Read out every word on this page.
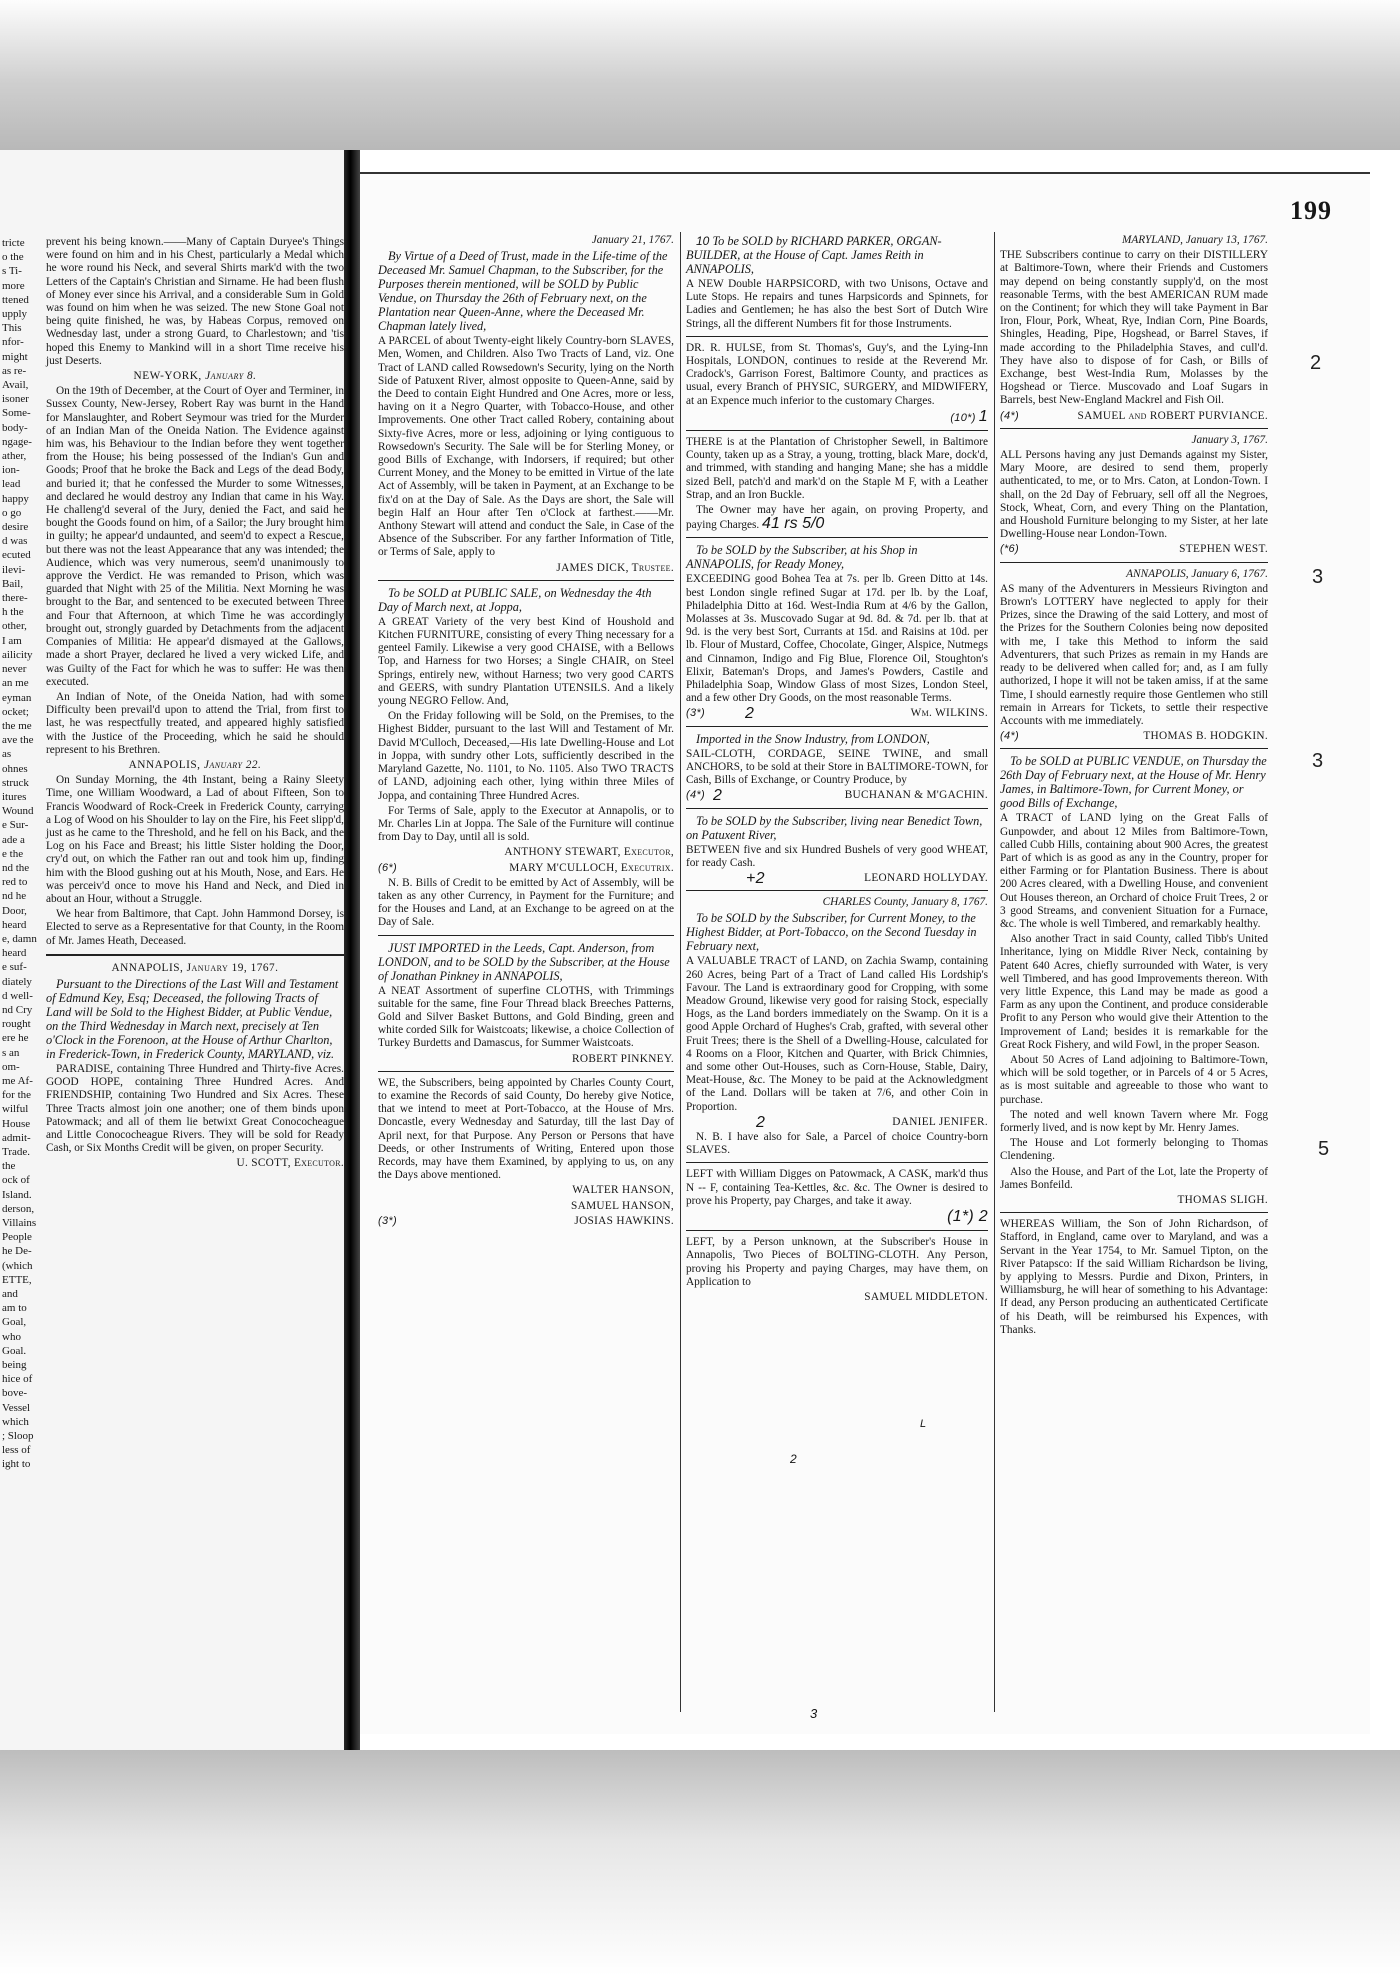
199
2
3
3
5
tricte
o the
s Ti-
more
ttened
upply
This
nfor-
might
as re-
Avail,
isoner
Some-
body-
ngage-
ather,
ion-
lead
happy
o go
desire
d was
ecuted
ilevi-
Bail,
there-
h the
other,
I am
ailicity
never
an me
eyman
ocket;
the me
ave the
as
ohnes
struck
itures
Wound
e Sur-
ade a
e the
nd the
red to
nd he
Door,
heard
e, damn
heard
e suf-
diately
d well-
nd Cry
rought
ere he
s an
om-
me Af-
for the
wilful
House
admit-
Trade.
the
ock of
Island.
derson,
Villains
People
he De-
(which
ETTE,
and
am to
Goal,
who
Goal.
being
hice of
bove-
Vessel
which
; Sloop
less of
ight to

prevent his being known.——Many of Captain Duryee's Things were found on him and in his Chest, particularly a Medal which he wore round his Neck, and several Shirts mark'd with the two Letters of the Captain's Christian and Sirname. He had been flush of Money ever since his Arrival, and a considerable Sum in Gold was found on him when he was seized. The new Stone Goal not being quite finished, he was, by Habeas Corpus, removed on Wednesday last, under a strong Guard, to Charlestown; and 'tis hoped this Enemy to Mankind will in a short Time receive his just Deserts.

NEW-YORK, January 8.

On the 19th of December, at the Court of Oyer and Terminer, in Sussex County, New-Jersey, Robert Ray was burnt in the Hand for Manslaughter, and Robert Seymour was tried for the Murder of an Indian Man of the Oneida Nation. The Evidence against him was, his Behaviour to the Indian before they went together from the House; his being possessed of the Indian's Gun and Goods; Proof that he broke the Back and Legs of the dead Body, and buried it; that he confessed the Murder to some Witnesses, and declared he would destroy any Indian that came in his Way. He challeng'd several of the Jury, denied the Fact, and said he bought the Goods found on him, of a Sailor; the Jury brought him in guilty; he appear'd undaunted, and seem'd to expect a Rescue, but there was not the least Appearance that any was intended; the Audience, which was very numerous, seem'd unanimously to approve the Verdict. He was remanded to Prison, which was guarded that Night with 25 of the Militia. Next Morning he was brought to the Bar, and sentenced to be executed between Three and Four that Afternoon, at which Time he was accordingly brought out, strongly guarded by Detachments from the adjacent Companies of Militia: He appear'd dismayed at the Gallows, made a short Prayer, declared he lived a very wicked Life, and was Guilty of the Fact for which he was to suffer: He was then executed.

An Indian of Note, of the Oneida Nation, had with some Difficulty been prevail'd upon to attend the Trial, from first to last, he was respectfully treated, and appeared highly satisfied with the Justice of the Proceeding, which he said he should represent to his Brethren.

ANNAPOLIS, January 22.

On Sunday Morning, the 4th Instant, being a Rainy Sleety Time, one William Woodward, a Lad of about Fifteen, Son to Francis Woodward of Rock-Creek in Frederick County, carrying a Log of Wood on his Shoulder to lay on the Fire, his Feet slipp'd, just as he came to the Threshold, and he fell on his Back, and the Log on his Face and Breast; his little Sister holding the Door, cry'd out, on which the Father ran out and took him up, finding him with the Blood gushing out at his Mouth, Nose, and Ears. He was perceiv'd once to move his Hand and Neck, and Died in about an Hour, without a Struggle.

We hear from Baltimore, that Capt. John Hammond Dorsey, is Elected to serve as a Representative for that County, in the Room of Mr. James Heath, Deceased.

ANNAPOLIS, January 19, 1767.

Pursuant to the Directions of the Last Will and Testament of Edmund Key, Esq; Deceased, the following Tracts of Land will be Sold to the Highest Bidder, at Public Vendue, on the Third Wednesday in March next, precisely at Ten o'Clock in the Forenoon, at the House of Arthur Charlton, in Frederick-Town, in Frederick County, MARYLAND, viz.

PARADISE, containing Three Hundred and Thirty-five Acres. GOOD HOPE, containing Three Hundred Acres. And FRIENDSHIP, containing Two Hundred and Six Acres. These Three Tracts almost join one another; one of them binds upon Patowmack; and all of them lie betwixt Great Conococheague and Little Conococheague Rivers. They will be sold for Ready Cash, or Six Months Credit will be given, on proper Security.

U. SCOTT, Executor.

January 21, 1767.

By Virtue of a Deed of Trust, made in the Life-time of the Deceased Mr. Samuel Chapman, to the Subscriber, for the Purposes therein mentioned, will be SOLD by Public Vendue, on Thursday the 26th of February next, on the Plantation near Queen-Anne, where the Deceased Mr. Chapman lately lived,

A PARCEL of about Twenty-eight likely Country-born SLAVES, Men, Women, and Children. Also Two Tracts of Land, viz. One Tract of LAND called Rowsedown's Security, lying on the North Side of Patuxent River, almost opposite to Queen-Anne, said by the Deed to contain Eight Hundred and One Acres, more or less, having on it a Negro Quarter, with Tobacco-House, and other Improvements. One other Tract called Robery, containing about Sixty-five Acres, more or less, adjoining or lying contiguous to Rowsedown's Security. The Sale will be for Sterling Money, or good Bills of Exchange, with Indorsers, if required; but other Current Money, and the Money to be emitted in Virtue of the late Act of Assembly, will be taken in Payment, at an Exchange to be fix'd on at the Day of Sale. As the Days are short, the Sale will begin Half an Hour after Ten o'Clock at farthest.——Mr. Anthony Stewart will attend and conduct the Sale, in Case of the Absence of the Subscriber. For any farther Information of Title, or Terms of Sale, apply to

JAMES DICK, Trustee.

To be SOLD at PUBLIC SALE, on Wednesday the 4th Day of March next, at Joppa,

A GREAT Variety of the very best Kind of Houshold and Kitchen FURNITURE, consisting of every Thing necessary for a genteel Family. Likewise a very good CHAISE, with a Bellows Top, and Harness for two Horses; a Single CHAIR, on Steel Springs, entirely new, without Harness; two very good CARTS and GEERS, with sundry Plantation UTENSILS. And a likely young NEGRO Fellow. And,

On the Friday following will be Sold, on the Premises, to the Highest Bidder, pursuant to the last Will and Testament of Mr. David M'Culloch, Deceased,—His late Dwelling-House and Lot in Joppa, with sundry other Lots, sufficiently described in the Maryland Gazette, No. 1101, to No. 1105. Also TWO TRACTS of LAND, adjoining each other, lying within three Miles of Joppa, and containing Three Hundred Acres.

For Terms of Sale, apply to the Executor at Annapolis, or to Mr. Charles Lin at Joppa. The Sale of the Furniture will continue from Day to Day, until all is sold.

ANTHONY STEWART, Executor,

(6*)	MARY M'CULLOCH, Executrix.

N. B. Bills of Credit to be emitted by Act of Assembly, will be taken as any other Currency, in Payment for the Furniture; and for the Houses and Land, at an Exchange to be agreed on at the Day of Sale.

JUST IMPORTED in the Leeds, Capt. Anderson, from LONDON, and to be SOLD by the Subscriber, at the House of Jonathan Pinkney in ANNAPOLIS,

A NEAT Assortment of superfine CLOTHS, with Trimmings suitable for the same, fine Four Thread black Breeches Patterns, Gold and Silver Basket Buttons, and Gold Binding, green and white corded Silk for Waistcoats; likewise, a choice Collection of Turkey Burdetts and Damascus, for Summer Waistcoats.

ROBERT PINKNEY.

WE, the Subscribers, being appointed by Charles County Court, to examine the Records of said County, Do hereby give Notice, that we intend to meet at Port-Tobacco, at the House of Mrs. Doncastle, every Wednesday and Saturday, till the last Day of April next, for that Purpose. Any Person or Persons that have Deeds, or other Instruments of Writing, Entered upon those Records, may have them Examined, by applying to us, on any the Days above mentioned.

WALTER HANSON,

SAMUEL HANSON,

(3*)	JOSIAS HAWKINS.

10 To be SOLD by RICHARD PARKER, ORGAN-BUILDER, at the House of Capt. James Reith in ANNAPOLIS,

A NEW Double HARPSICORD, with two Unisons, Octave and Lute Stops. He repairs and tunes Harpsicords and Spinnets, for Ladies and Gentlemen; he has also the best Sort of Dutch Wire Strings, all the different Numbers fit for those Instruments.

DR. R. HULSE, from St. Thomas's, Guy's, and the Lying-Inn Hospitals, LONDON, continues to reside at the Reverend Mr. Cradock's, Garrison Forest, Baltimore County, and practices as usual, every Branch of PHYSIC, SURGERY, and MIDWIFERY, at an Expence much inferior to the customary Charges.

(10*) 1

THERE is at the Plantation of Christopher Sewell, in Baltimore County, taken up as a Stray, a young, trotting, black Mare, dock'd, and trimmed, with standing and hanging Mane; she has a middle sized Bell, patch'd and mark'd on the Staple M F, with a Leather Strap, and an Iron Buckle.

The Owner may have her again, on proving Property, and paying Charges. 41 rs 5/0

To be SOLD by the Subscriber, at his Shop in ANNAPOLIS, for Ready Money,

EXCEEDING good Bohea Tea at 7s. per lb. Green Ditto at 14s. best London single refined Sugar at 17d. per lb. by the Loaf, Philadelphia Ditto at 16d. West-India Rum at 4/6 by the Gallon, Molasses at 3s. Muscovado Sugar at 9d. 8d. & 7d. per lb. that at 9d. is the very best Sort, Currants at 15d. and Raisins at 10d. per lb. Flour of Mustard, Coffee, Chocolate, Ginger, Alspice, Nutmegs and Cinnamon, Indigo and Fig Blue, Florence Oil, Stoughton's Elixir, Bateman's Drops, and James's Powders, Castile and Philadelphia Soap, Window Glass of most Sizes, London Steel, and a few other Dry Goods, on the most reasonable Terms.

(3*)	2	Wm. WILKINS.

Imported in the Snow Industry, from LONDON,

SAIL-CLOTH, CORDAGE, SEINE TWINE, and small ANCHORS, to be sold at their Store in BALTIMORE-TOWN, for Cash, Bills of Exchange, or Country Produce, by

(4*) 2	BUCHANAN & M'GACHIN.

To be SOLD by the Subscriber, living near Benedict Town, on Patuxent River,

BETWEEN five and six Hundred Bushels of very good WHEAT, for ready Cash.

+2	LEONARD HOLLYDAY.

CHARLES County, January 8, 1767.

To be SOLD by the Subscriber, for Current Money, to the Highest Bidder, at Port-Tobacco, on the Second Tuesday in February next,

A VALUABLE TRACT of LAND, on Zachia Swamp, containing 260 Acres, being Part of a Tract of Land called His Lordship's Favour. The Land is extraordinary good for Cropping, with some Meadow Ground, likewise very good for raising Stock, especially Hogs, as the Land borders immediately on the Swamp. On it is a good Apple Orchard of Hughes's Crab, grafted, with several other Fruit Trees; there is the Shell of a Dwelling-House, calculated for 4 Rooms on a Floor, Kitchen and Quarter, with Brick Chimnies, and some other Out-Houses, such as Corn-House, Stable, Dairy, Meat-House, &c. The Money to be paid at the Acknowledgment of the Land. Dollars will be taken at 7/6, and other Coin in Proportion.

2	DANIEL JENIFER.

N. B. I have also for Sale, a Parcel of choice Country-born SLAVES.

LEFT with William Digges on Patowmack, A CASK, mark'd thus N -- F, containing Tea-Kettles, &c. &c. The Owner is desired to prove his Property, pay Charges, and take it away.

(1*) 2

LEFT, by a Person unknown, at the Subscriber's House in Annapolis, Two Pieces of BOLTING-CLOTH. Any Person, proving his Property and paying Charges, may have them, on Application to

SAMUEL MIDDLETON.

L
2

MARYLAND, January 13, 1767.

THE Subscribers continue to carry on their DISTILLERY at Baltimore-Town, where their Friends and Customers may depend on being constantly supply'd, on the most reasonable Terms, with the best AMERICAN RUM made on the Continent; for which they will take Payment in Bar Iron, Flour, Pork, Wheat, Rye, Indian Corn, Pine Boards, Shingles, Heading, Pipe, Hogshead, or Barrel Staves, if made according to the Philadelphia Staves, and cull'd. They have also to dispose of for Cash, or Bills of Exchange, best West-India Rum, Molasses by the Hogshead or Tierce. Muscovado and Loaf Sugars in Barrels, best New-England Mackrel and Fish Oil.

(4*)	SAMUEL and ROBERT PURVIANCE.

January 3, 1767.

ALL Persons having any just Demands against my Sister, Mary Moore, are desired to send them, properly authenticated, to me, or to Mrs. Caton, at London-Town. I shall, on the 2d Day of February, sell off all the Negroes, Stock, Wheat, Corn, and every Thing on the Plantation, and Houshold Furniture belonging to my Sister, at her late Dwelling-House near London-Town.

(*6)	STEPHEN WEST.

ANNAPOLIS, January 6, 1767.

AS many of the Adventurers in Messieurs Rivington and Brown's LOTTERY have neglected to apply for their Prizes, since the Drawing of the said Lottery, and most of the Prizes for the Southern Colonies being now deposited with me, I take this Method to inform the said Adventurers, that such Prizes as remain in my Hands are ready to be delivered when called for; and, as I am fully authorized, I hope it will not be taken amiss, if at the same Time, I should earnestly require those Gentlemen who still remain in Arrears for Tickets, to settle their respective Accounts with me immediately.

(4*)	THOMAS B. HODGKIN.

To be SOLD at PUBLIC VENDUE, on Thursday the 26th Day of February next, at the House of Mr. Henry James, in Baltimore-Town, for Current Money, or good Bills of Exchange,

A TRACT of LAND lying on the Great Falls of Gunpowder, and about 12 Miles from Baltimore-Town, called Cubb Hills, containing about 900 Acres, the greatest Part of which is as good as any in the Country, proper for either Farming or for Plantation Business. There is about 200 Acres cleared, with a Dwelling House, and convenient Out Houses thereon, an Orchard of choice Fruit Trees, 2 or 3 good Streams, and convenient Situation for a Furnace, &c. The whole is well Timbered, and remarkably healthy.

Also another Tract in said County, called Tibb's United Inheritance, lying on Middle River Neck, containing by Patent 640 Acres, chiefly surrounded with Water, is very well Timbered, and has good Improvements thereon. With very little Expence, this Land may be made as good a Farm as any upon the Continent, and produce considerable Profit to any Person who would give their Attention to the Improvement of Land; besides it is remarkable for the Great Rock Fishery, and wild Fowl, in the proper Season.

About 50 Acres of Land adjoining to Baltimore-Town, which will be sold together, or in Parcels of 4 or 5 Acres, as is most suitable and agreeable to those who want to purchase.

The noted and well known Tavern where Mr. Fogg formerly lived, and is now kept by Mr. Henry James.

The House and Lot formerly belonging to Thomas Clendening.

Also the House, and Part of the Lot, late the Property of James Bonfeild.

THOMAS SLIGH.

WHEREAS William, the Son of John Richardson, of Stafford, in England, came over to Maryland, and was a Servant in the Year 1754, to Mr. Samuel Tipton, on the River Patapsco: If the said William Richardson be living, by applying to Messrs. Purdie and Dixon, Printers, in Williamsburg, he will hear of something to his Advantage: If dead, any Person producing an authenticated Certificate of his Death, will be reimbursed his Expences, with Thanks.

3
